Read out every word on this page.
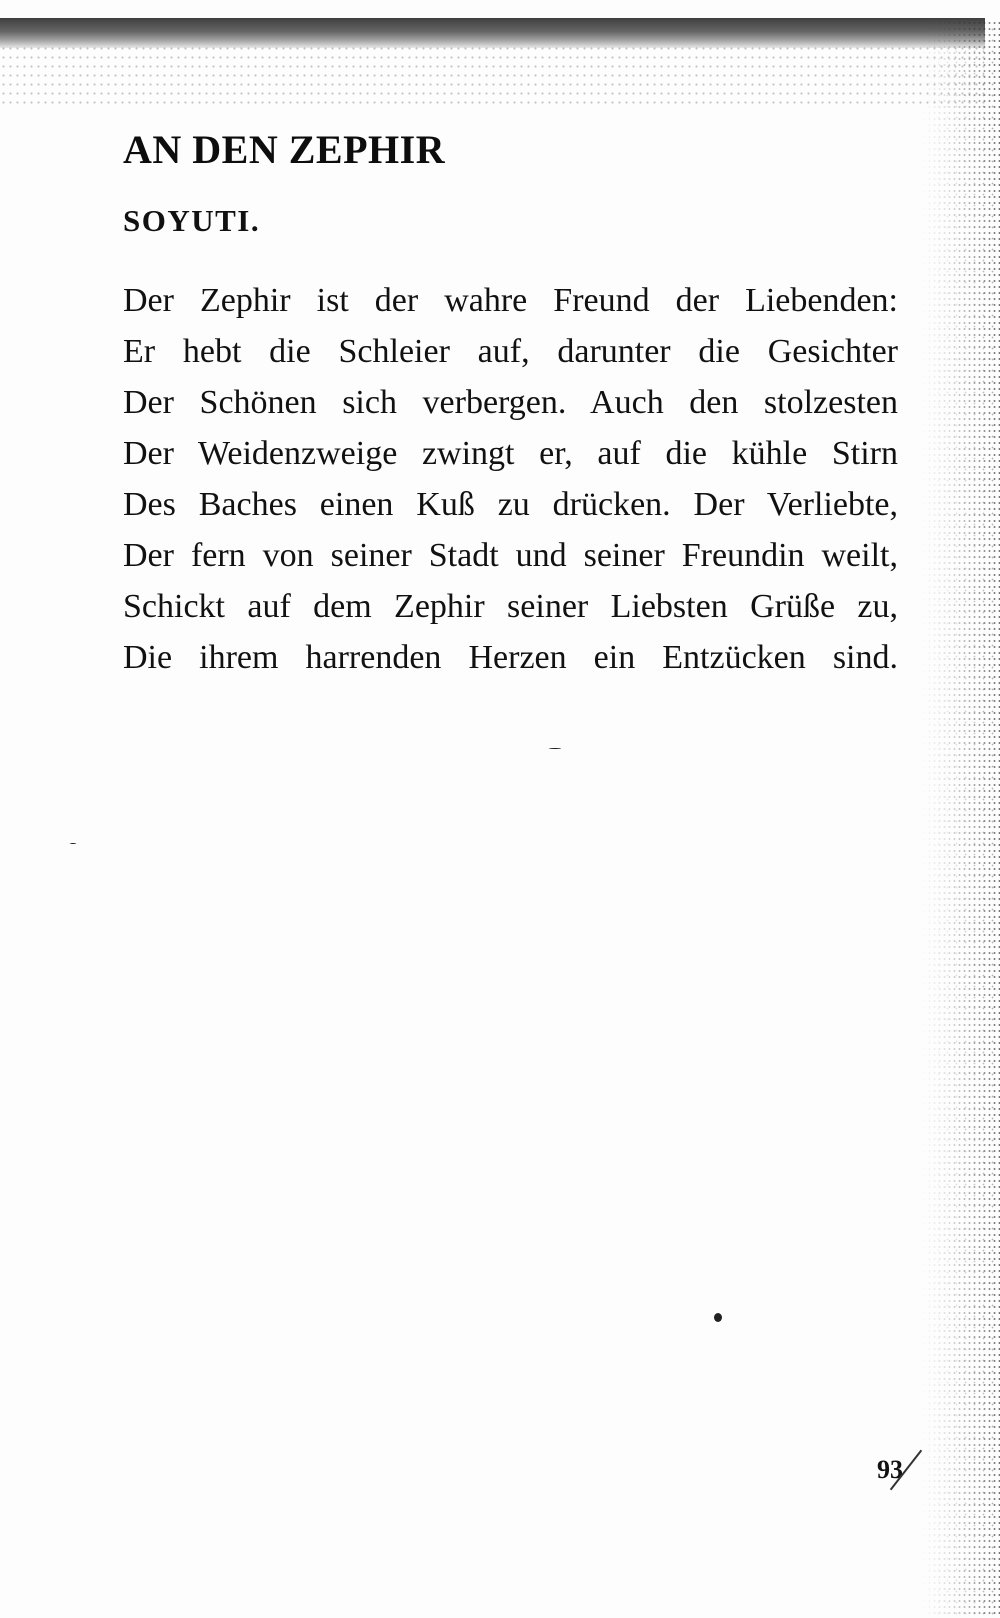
AN DEN ZEPHIR
SOYUTI.
Der Zephir ist der wahre Freund der Liebenden:
Er hebt die Schleier auf, darunter die Gesichter
Der Schönen sich verbergen. Auch den stolzesten
Der Weidenzweige zwingt er, auf die kühle Stirn
Des Baches einen Kuß zu drücken. Der Verliebte,
Der fern von seiner Stadt und seiner Freundin weilt,
Schickt auf dem Zephir seiner Liebsten Grüße zu,
Die ihrem harrenden Herzen ein Entzücken sind.
93
